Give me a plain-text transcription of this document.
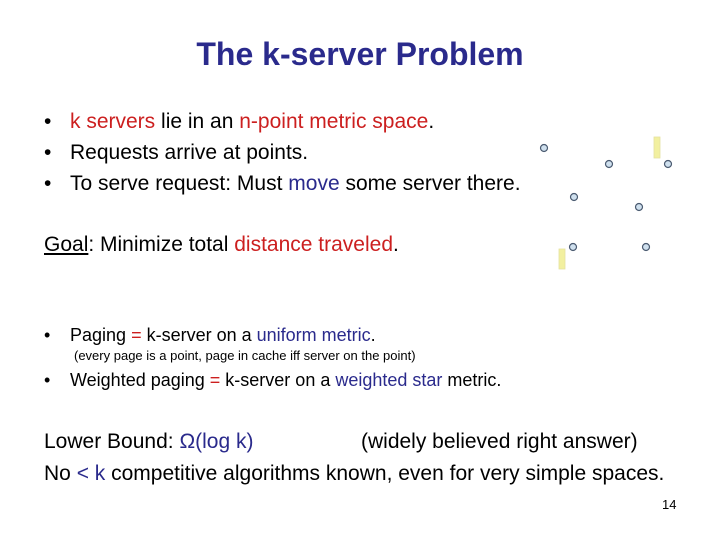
The k-server Problem
• k servers lie in an n-point metric space.
• Requests arrive at points.
• To serve request: Must move some server there.
Goal: Minimize total distance traveled.
• Paging = k-server on a uniform metric.
(every page is a point, page in cache iff server on the point)
• Weighted paging = k-server on a weighted star metric.
Lower Bound: Ω(log k)	(widely believed right answer)
No < k competitive algorithms known, even for very simple spaces.
14
